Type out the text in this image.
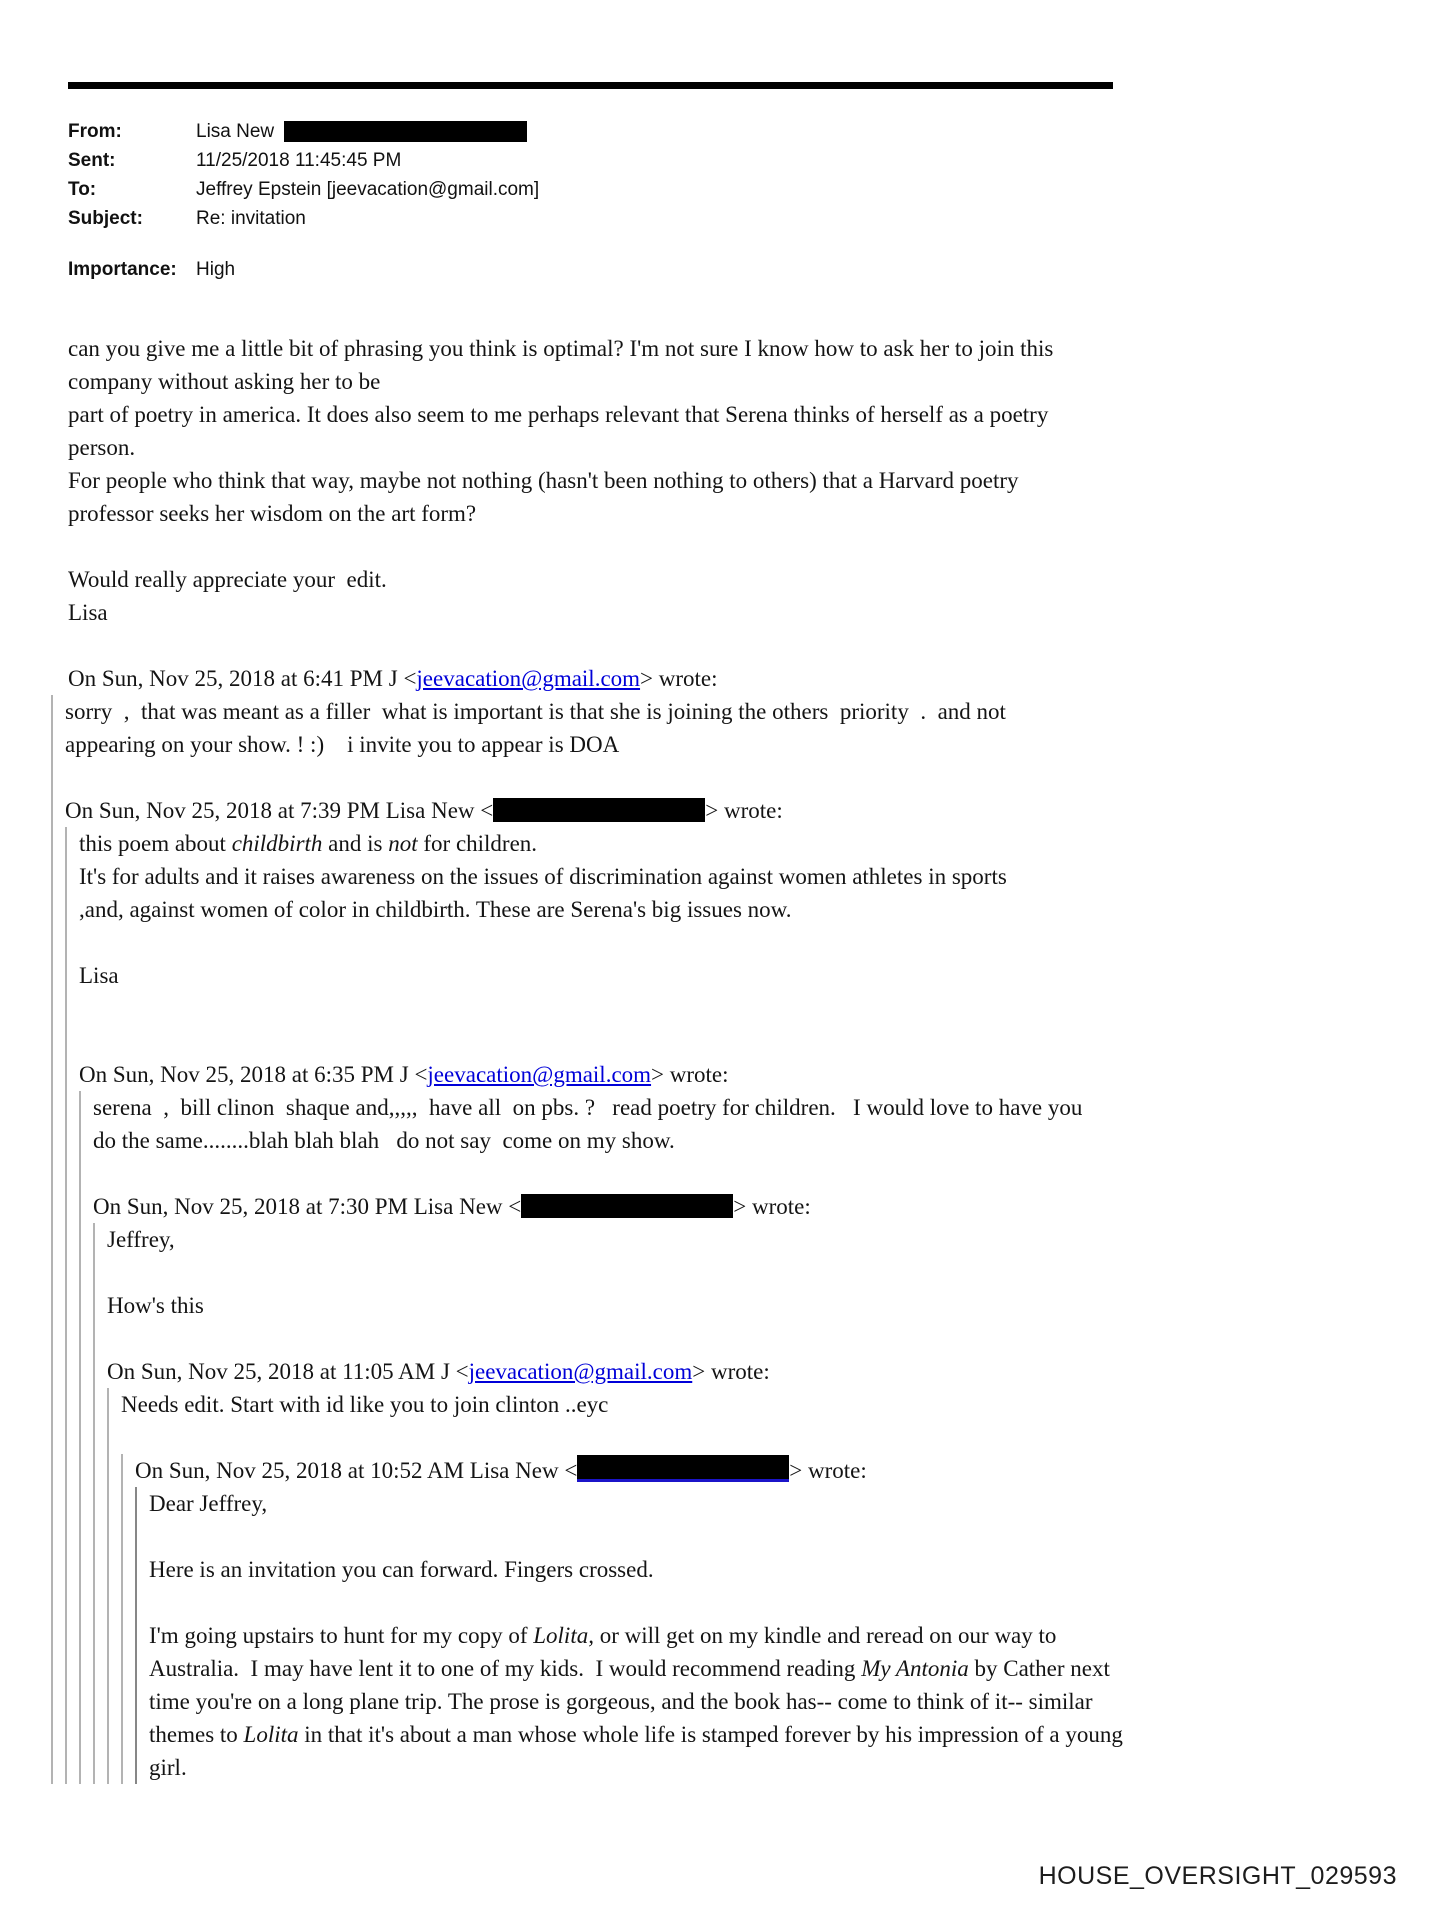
From:	Lisa New
Sent:	11/25/2018 11:45:45 PM
To:	Jeffrey Epstein [jeevacation@gmail.com]
Subject:	Re: invitation
Importance:	High
can you give me a little bit of phrasing you think is optimal? I'm not sure I know how to ask her to join this
company without asking her to be
part of poetry in america. It does also seem to me perhaps relevant that Serena thinks of herself as a poetry
person.
For people who think that way, maybe not nothing (hasn't been nothing to others) that a Harvard poetry
professor seeks her wisdom on the art form?
Would really appreciate your  edit.
Lisa
On Sun, Nov 25, 2018 at 6:41 PM J <jeevacation@gmail.com> wrote:
sorry  ,  that was meant as a filler  what is important is that she is joining the others  priority  .  and not
appearing on your show. ! :)    i invite you to appear is DOA
On Sun, Nov 25, 2018 at 7:39 PM Lisa New <	> wrote:
this poem about childbirth and is not for children.
It's for adults and it raises awareness on the issues of discrimination against women athletes in sports
,and, against women of color in childbirth. These are Serena's big issues now.
Lisa
On Sun, Nov 25, 2018 at 6:35 PM J <jeevacation@gmail.com> wrote:
serena  ,  bill clinon  shaque and,,,,,  have all  on pbs. ?   read poetry for children.   I would love to have you
do the same........blah blah blah   do not say  come on my show.
On Sun, Nov 25, 2018 at 7:30 PM Lisa New <	> wrote:
Jeffrey,
How's this
On Sun, Nov 25, 2018 at 11:05 AM J <jeevacation@gmail.com> wrote:
Needs edit. Start with id like you to join clinton ..eyc
On Sun, Nov 25, 2018 at 10:52 AM Lisa New <	> wrote:
Dear Jeffrey,
Here is an invitation you can forward. Fingers crossed.
I'm going upstairs to hunt for my copy of Lolita, or will get on my kindle and reread on our way to
Australia.  I may have lent it to one of my kids.  I would recommend reading My Antonia by Cather next
time you're on a long plane trip. The prose is gorgeous, and the book has-- come to think of it-- similar
themes to Lolita in that it's about a man whose whole life is stamped forever by his impression of a young
girl.
HOUSE_OVERSIGHT_029593
